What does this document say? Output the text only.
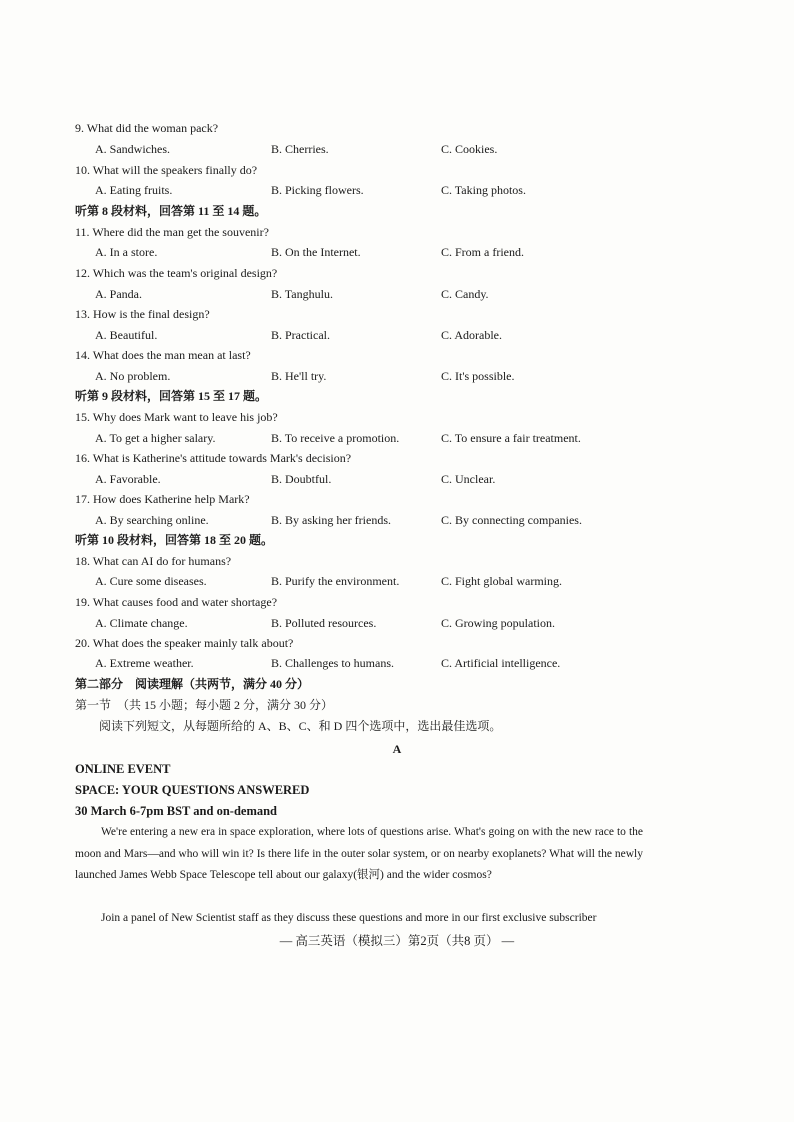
9. What did the woman pack?
A. Sandwiches.	B. Cherries.	C. Cookies.
10. What will the speakers finally do?
A. Eating fruits.	B. Picking flowers.	C. Taking photos.
听第 8 段材料，回答第 11 至 14 题。
11. Where did the man get the souvenir?
A. In a store.	B. On the Internet.	C. From a friend.
12. Which was the team's original design?
A. Panda.	B. Tanghulu.	C. Candy.
13. How is the final design?
A. Beautiful.	B. Practical.	C. Adorable.
14. What does the man mean at last?
A. No problem.	B. He'll try.	C. It's possible.
听第 9 段材料，回答第 15 至 17 题。
15. Why does Mark want to leave his job?
A. To get a higher salary.	B. To receive a promotion.	C. To ensure a fair treatment.
16. What is Katherine's attitude towards Mark's decision?
A. Favorable.	B. Doubtful.	C. Unclear.
17. How does Katherine help Mark?
A. By searching online.	B. By asking her friends.	C. By connecting companies.
听第 10 段材料，回答第 18 至 20 题。
18. What can AI do for humans?
A. Cure some diseases.	B. Purify the environment.	C. Fight global warming.
19. What causes food and water shortage?
A. Climate change.	B. Polluted resources.	C. Growing population.
20. What does the speaker mainly talk about?
A. Extreme weather.	B. Challenges to humans.	C. Artificial intelligence.
第二部分　阅读理解（共两节，满分 40 分）
第一节　（共 15 小题；每小题 2 分，满分 30 分）
阅读下列短文，从每题所给的 A、B、C、和 D 四个选项中，选出最佳选项。
A
ONLINE EVENT
SPACE: YOUR QUESTIONS ANSWERED
30 March 6-7pm BST and on-demand
We're entering a new era in space exploration, where lots of questions arise. What's going on with the new race to the moon and Mars—and who will win it? Is there life in the outer solar system, or on nearby exoplanets? What will the newly launched James Webb Space Telescope tell about our galaxy(银河) and the wider cosmos?
Join a panel of New Scientist staff as they discuss these questions and more in our first exclusive subscriber
— 高三英语（模拟三）第2页（共8 页） —
